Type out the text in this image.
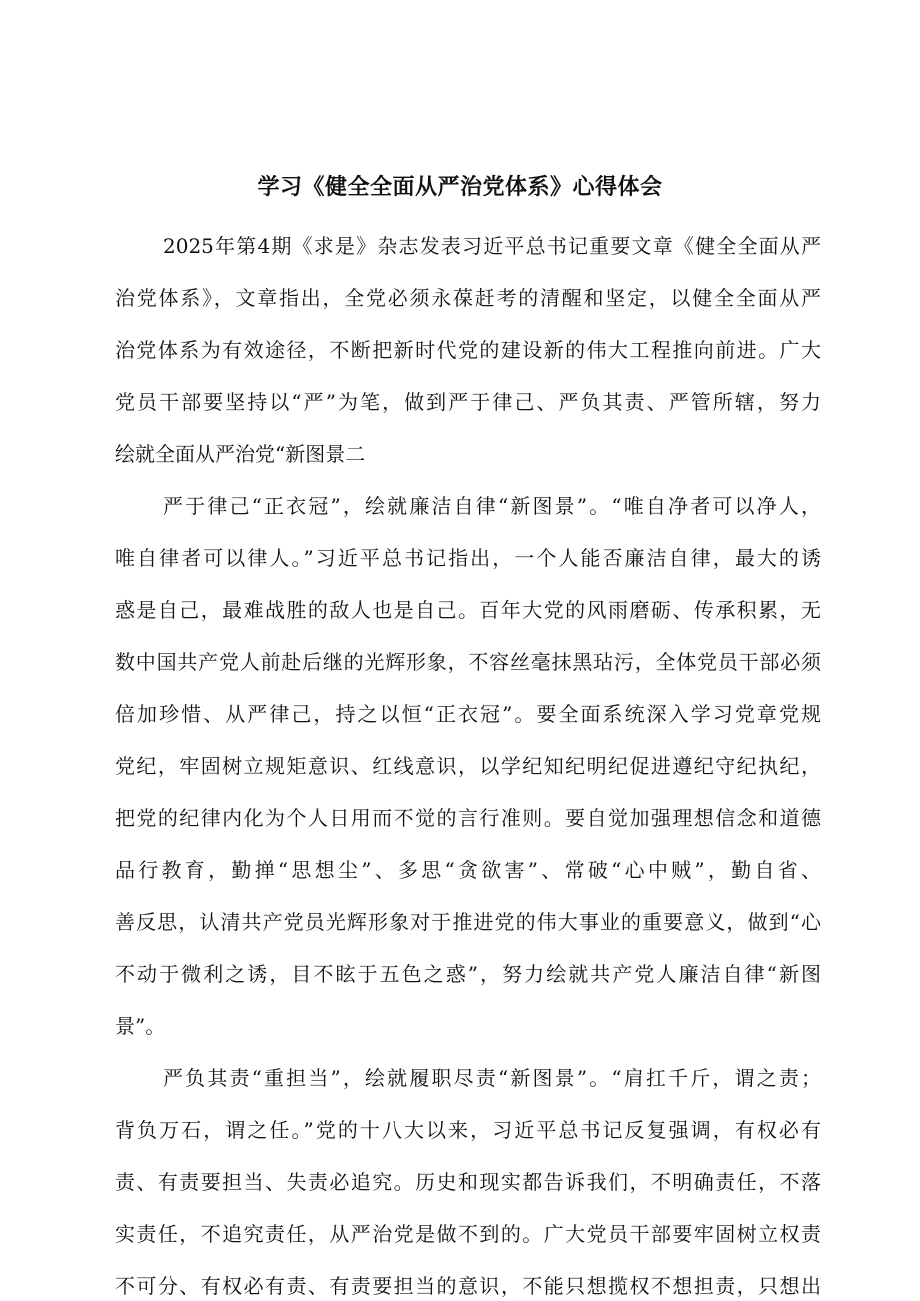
学习《健全全面从严治党体系》心得体会
2025年第4期《求是》杂志发表习近平总书记重要文章《健全全面从严
治党体系》，文章指出，全党必须永葆赶考的清醒和坚定，以健全全面从严
治党体系为有效途径，不断把新时代党的建设新的伟大工程推向前进。广大
党员干部要坚持以“严”为笔，做到严于律己、严负其责、严管所辖，努力
绘就全面从严治党“新图景二
严于律己“正衣冠”，绘就廉洁自律“新图景”。“唯自净者可以净人，
唯自律者可以律人。”习近平总书记指出，一个人能否廉洁自律，最大的诱
惑是自己，最难战胜的敌人也是自己。百年大党的风雨磨砺、传承积累，无
数中国共产党人前赴后继的光辉形象，不容丝毫抹黑玷污，全体党员干部必须
倍加珍惜、从严律己，持之以恒“正衣冠”。要全面系统深入学习党章党规
党纪，牢固树立规矩意识、红线意识，以学纪知纪明纪促进遵纪守纪执纪，
把党的纪律内化为个人日用而不觉的言行准则。要自觉加强理想信念和道德
品行教育，勤掸“思想尘”、多思“贪欲害”、常破“心中贼”，勤自省、
善反思，认清共产党员光辉形象对于推进党的伟大事业的重要意义，做到“心
不动于微利之诱，目不眩于五色之惑”，努力绘就共产党人廉洁自律“新图
景”。
严负其责“重担当”，绘就履职尽责“新图景”。“肩扛千斤，谓之责；
背负万石，谓之任。”党的十八大以来，习近平总书记反复强调，有权必有
责、有责要担当、失责必追究。历史和现实都告诉我们，不明确责任，不落
实责任，不追究责任，从严治党是做不到的。广大党员干部要牢固树立权责
不可分、有权必有责、有责要担当的意识，不能只想揽权不想担责，只想出
